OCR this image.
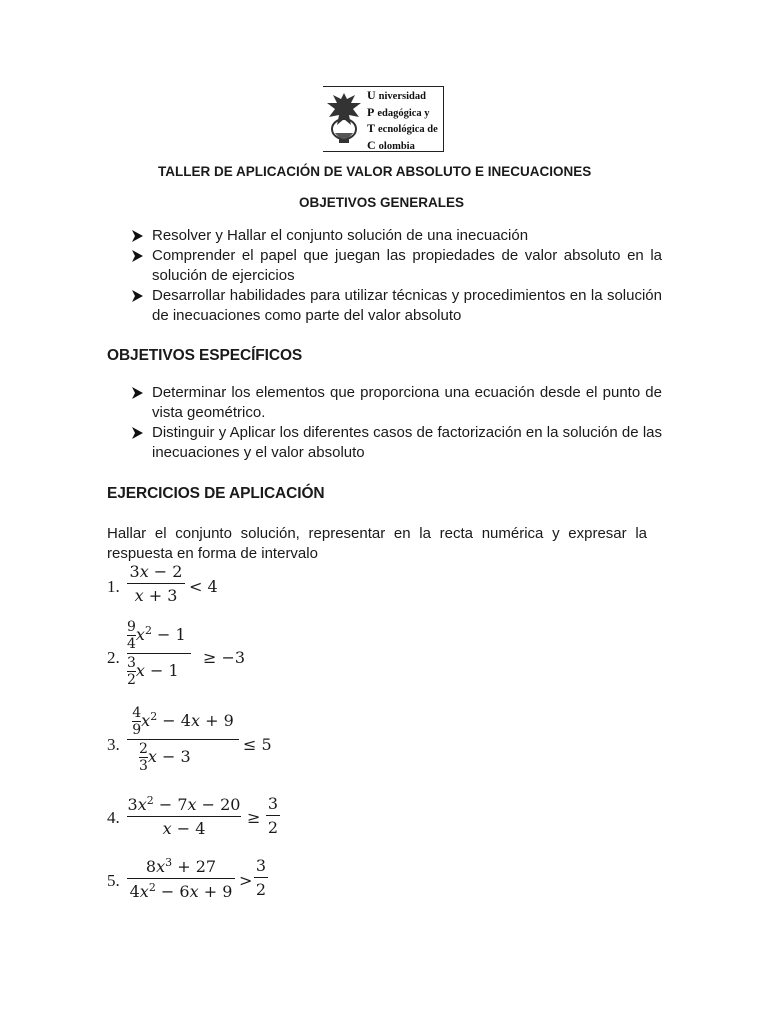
U niversidad
P edagógica y
T ecnológica de
C olombia
TALLER DE APLICACIÓN DE VALOR ABSOLUTO E INECUACIONES
OBJETIVOS GENERALES
Resolver y Hallar el conjunto solución de una inecuación
Comprender el papel que juegan las propiedades de valor absoluto en la solución de ejercicios
Desarrollar habilidades para utilizar técnicas y procedimientos en la solución de inecuaciones como parte del valor absoluto
OBJETIVOS ESPECÍFICOS
Determinar los elementos que proporciona una ecuación desde el punto de vista geométrico.
Distinguir y Aplicar los diferentes casos de factorización en la solución de las inecuaciones y el valor absoluto
EJERCICIOS DE APLICACIÓN
Hallar el conjunto solución, representar en la recta numérica y expresar la respuesta en forma de intervalo
1.
3x − 2
x + 3 < 4
2.
$\frac{9}{4} x^2 - 1$
$\frac{3}{2}$ x − 1
≥ −3
3.
$\frac{4}{9} x^2 - 4x + 9$
$\frac{2}{3}$ x − 3
≤ 5
4.
$3x^2 - 7x - 20$
x − 4
≥
3
2
5.
$8x^3 + 27$
$4x^2 - 6x + 9$
>
3
2
